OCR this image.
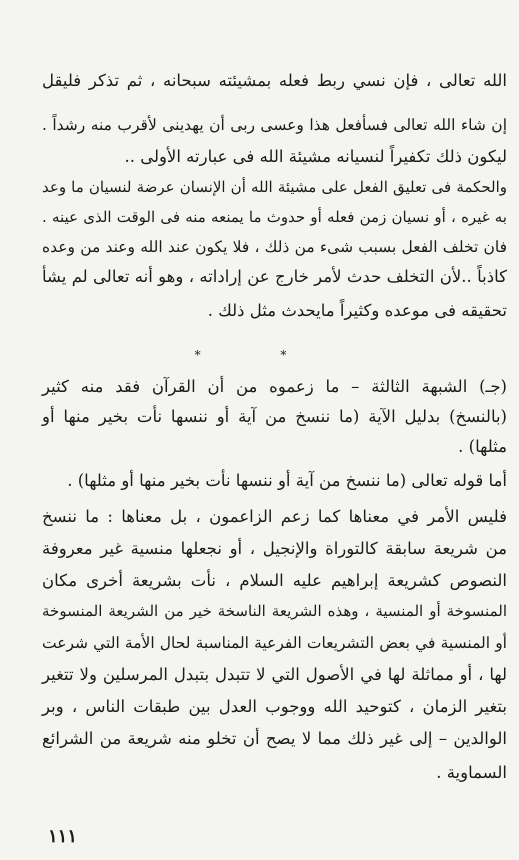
الله تعالى ، فإن نسي ربط فعله بمشيئته سبحانه ، ثم تذكر فليقل
إن شاء الله تعالى فسأفعل هذا وعسى ربى أن يهدينى لأقرب منه رشداً .
ليكون ذلك تكفيراً لنسيانه مشيئة الله فى عبارته الأولى ..
والحكمة فى تعليق الفعل على مشيئة الله أن الإنسان عرضة لنسيان ما وعد
به غيره ، أو نسيان زمن فعله أو حدوث ما يمنعه منه فى الوقت الذى عينه .
فان تخلف الفعل بسبب شىء من ذلك ، فلا يكون عند الله وعند من وعده
كاذباً ..لأن التخلف حدث لأمر خارج عن إراداته ، وهو أنه تعالى لم يشأ
تحقيقه فى موعده وكثيراً مايحدث مثل ذلك .
* *
(جـ) الشبهة الثالثة – ما زعموه من أن القرآن فقد منه كثير
(بالنسخ) بدليل الآية (ما ننسخ من آية أو ننسها نأت بخير منها أو
مثلها) .
أما قوله تعالى (ما ننسخ من آية أو ننسها نأت بخير منها أو مثلها) .
فليس الأمر في معناها كما زعم الزاعمون ، بل معناها : ما ننسخ
من شريعة سابقة كالتوراة والإنجيل ، أو نجعلها منسية غير معروفة
النصوص كشريعة إبراهيم عليه السلام ، نأت بشريعة أخرى مكان
المنسوخة أو المنسية ، وهذه الشريعة الناسخة خير من الشريعة المنسوخة
أو المنسية في بعض التشريعات الفرعية المناسبة لحال الأمة التي شرعت
لها ، أو مماثلة لها في الأصول التي لا تتبدل بتبدل المرسلين ولا تتغير
بتغير الزمان ، كتوحيد الله ووجوب العدل بين طبقات الناس ، وبر
الوالدين – إلى غير ذلك مما لا يصح أن تخلو منه شريعة من الشرائع
السماوية .
١١١
